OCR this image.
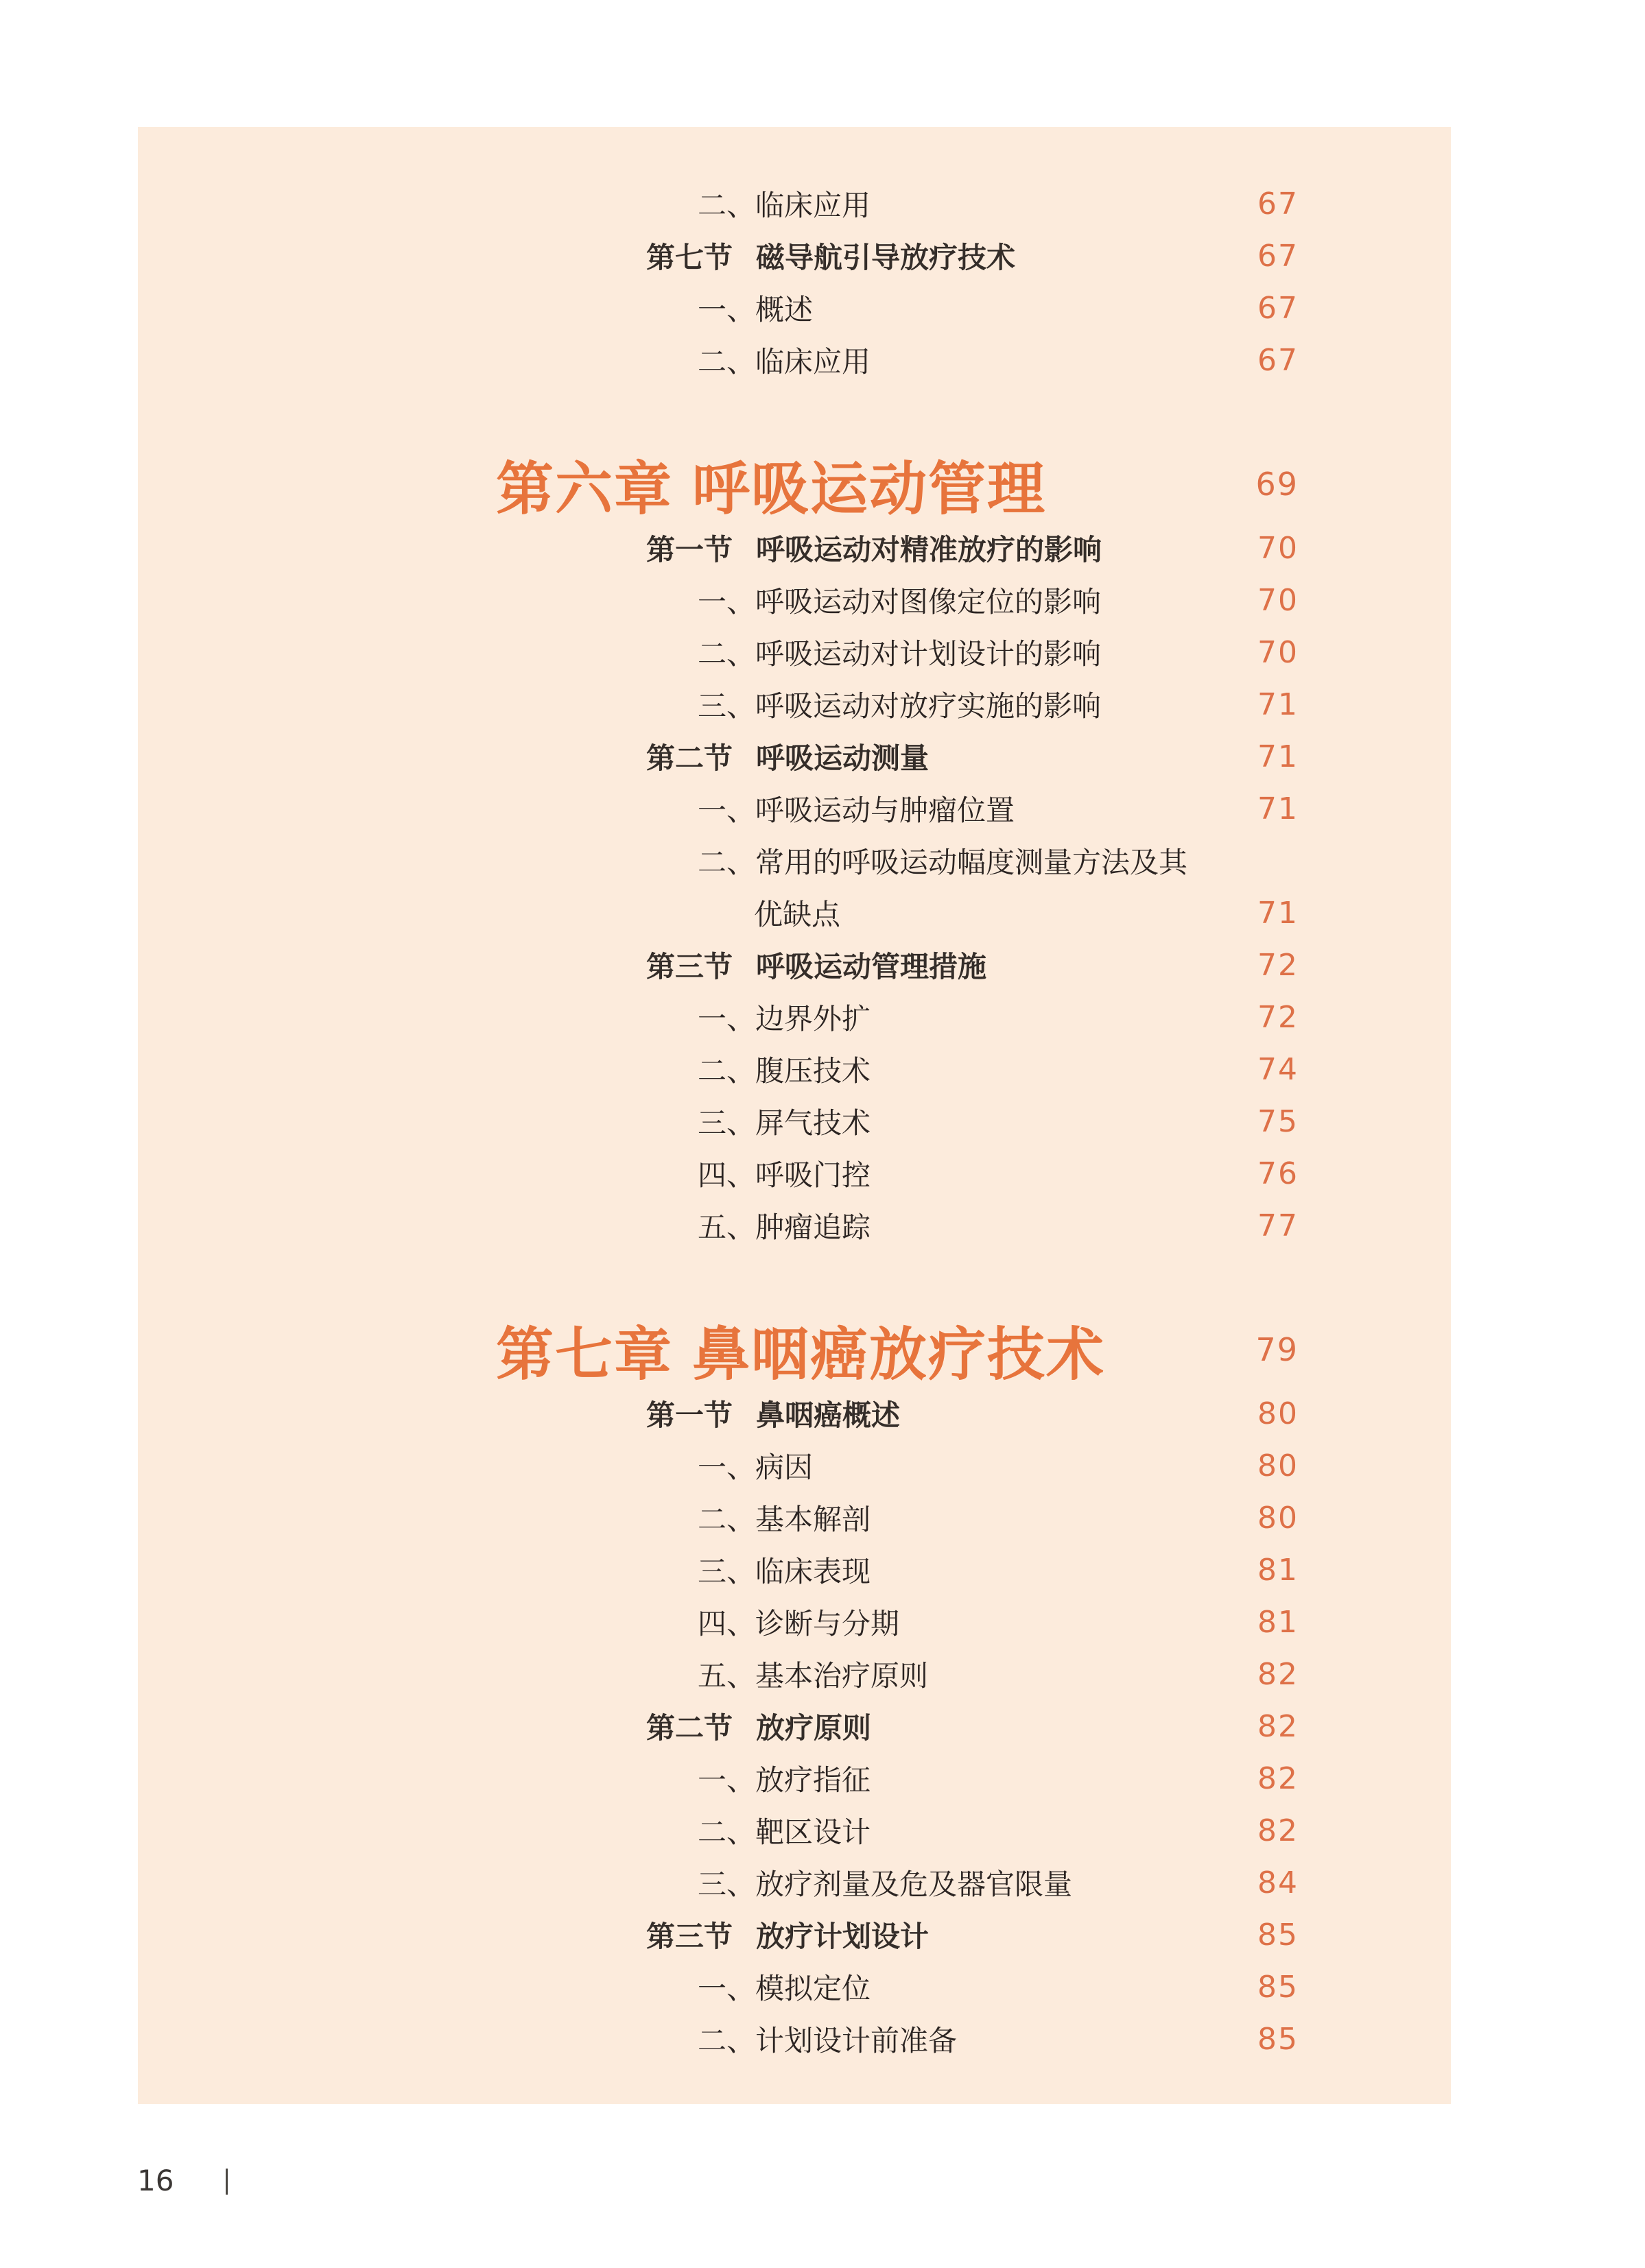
二、临床应用	67
第七节 磁导航引导放疗技术	67
一、概述	67
二、临床应用	67
第六章 呼吸运动管理	69
第一节 呼吸运动对精准放疗的影响	70
一、呼吸运动对图像定位的影响	70
二、呼吸运动对计划设计的影响	70
三、呼吸运动对放疗实施的影响	71
第二节 呼吸运动测量	71
一、呼吸运动与肿瘤位置	71
二、常用的呼吸运动幅度测量方法及其
优缺点	71
第三节 呼吸运动管理措施	72
一、边界外扩	72
二、腹压技术	74
三、屏气技术	75
四、呼吸门控	76
五、肿瘤追踪	77
第七章 鼻咽癌放疗技术	79
第一节 鼻咽癌概述	80
一、病因	80
二、基本解剖	80
三、临床表现	81
四、诊断与分期	81
五、基本治疗原则	82
第二节 放疗原则	82
一、放疗指征	82
二、靶区设计	82
三、放疗剂量及危及器官限量	84
第三节 放疗计划设计	85
一、模拟定位	85
二、计划设计前准备	85
16
